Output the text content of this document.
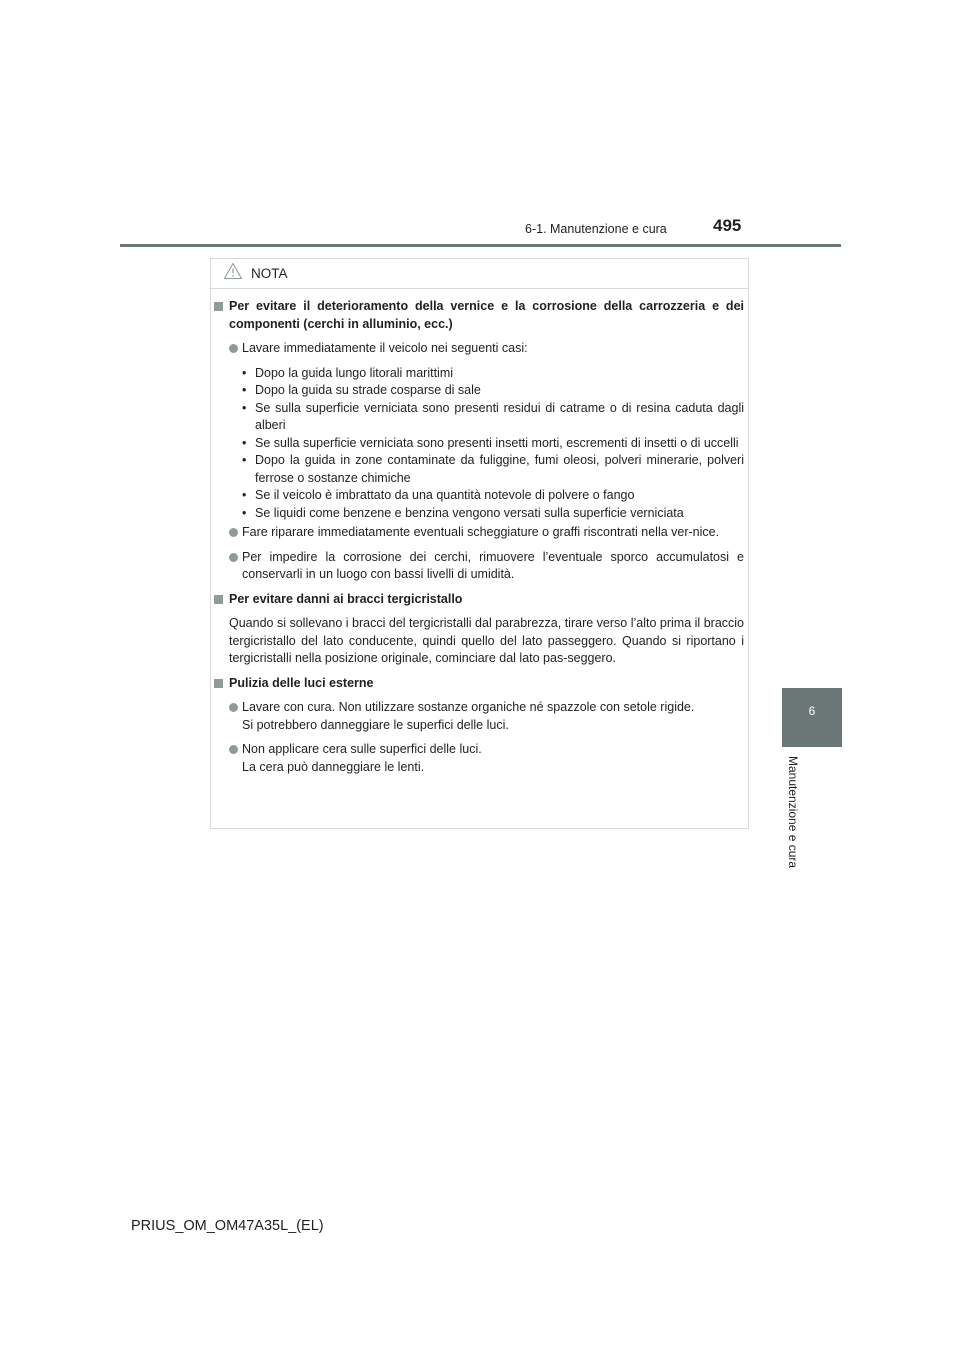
6-1. Manutenzione e cura	495
6
Manutenzione e cura
NOTA
Per evitare il deterioramento della vernice e la corrosione della carrozzeria e dei componenti (cerchi in alluminio, ecc.)
Lavare immediatamente il veicolo nei seguenti casi:
• Dopo la guida lungo litorali marittimi
• Dopo la guida su strade cosparse di sale
• Se sulla superficie verniciata sono presenti residui di catrame o di resina caduta dagli alberi
• Se sulla superficie verniciata sono presenti insetti morti, escrementi di insetti o di uccelli
• Dopo la guida in zone contaminate da fuliggine, fumi oleosi, polveri minerarie, polveri ferrose o sostanze chimiche
• Se il veicolo è imbrattato da una quantità notevole di polvere o fango
• Se liquidi come benzene e benzina vengono versati sulla superficie verniciata
Fare riparare immediatamente eventuali scheggiature o graffi riscontrati nella ver-nice.
Per impedire la corrosione dei cerchi, rimuovere l’eventuale sporco accumulatosi e conservarli in un luogo con bassi livelli di umidità.
Per evitare danni ai bracci tergicristallo
Quando si sollevano i bracci del tergicristalli dal parabrezza, tirare verso l’alto prima il braccio tergicristallo del lato conducente, quindi quello del lato passeggero. Quando si riportano i tergicristalli nella posizione originale, cominciare dal lato pas-seggero.
Pulizia delle luci esterne
Lavare con cura. Non utilizzare sostanze organiche né spazzole con setole rigide.
Si potrebbero danneggiare le superfici delle luci.
Non applicare cera sulle superfici delle luci.
La cera può danneggiare le lenti.
PRIUS_OM_OM47A35L_(EL)
